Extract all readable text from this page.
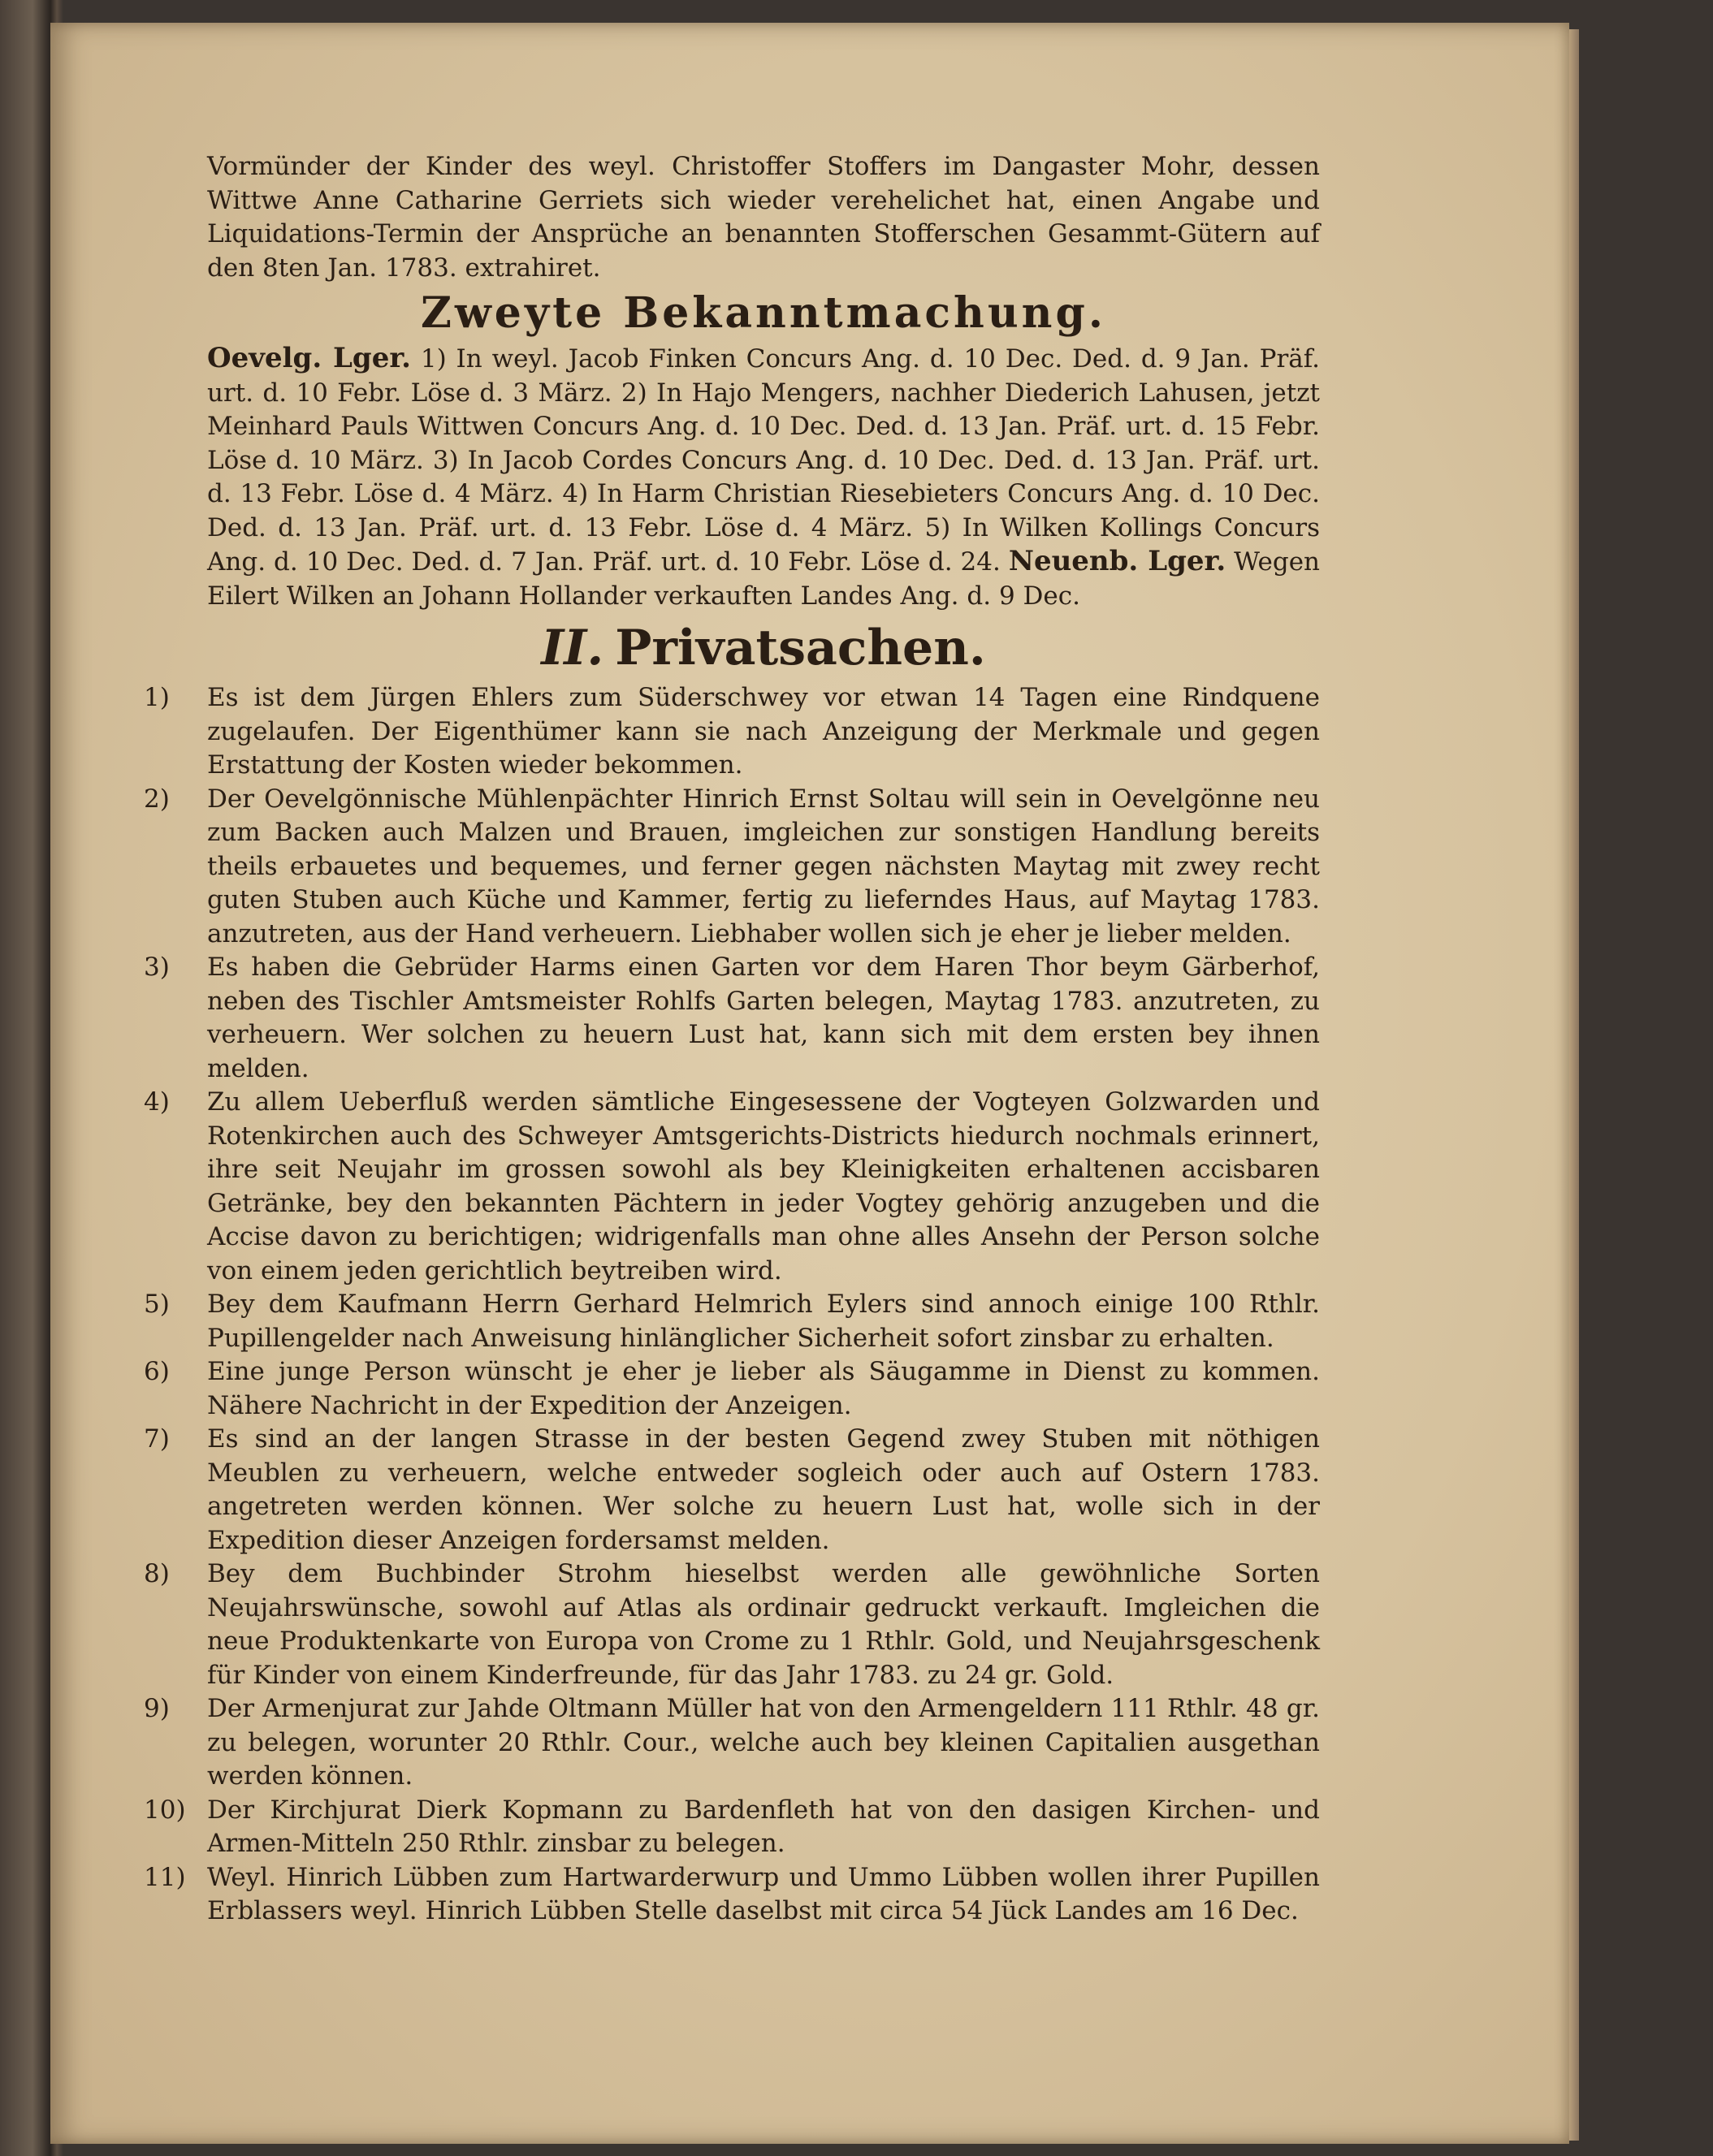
Vormünder der Kinder des weyl. Christoffer Stoffers im Dangaster Mohr, dessen Wittwe Anne Catharine Gerriets sich wieder verehelichet hat, einen Angabe und Liquidations-Termin der Ansprüche an benannten Stofferschen Gesammt-Gütern auf den 8ten Jan. 1783. extrahiret.

Zweyte Bekanntmachung.

Oevelg. Lger. 1) In weyl. Jacob Finken Concurs Ang. d. 10 Dec. Ded. d. 9 Jan. Präf. urt. d. 10 Febr. Löse d. 3 März. 2) In Hajo Mengers, nachher Diederich Lahusen, jetzt Meinhard Pauls Wittwen Concurs Ang. d. 10 Dec. Ded. d. 13 Jan. Präf. urt. d. 15 Febr. Löse d. 10 März. 3) In Jacob Cordes Concurs Ang. d. 10 Dec. Ded. d. 13 Jan. Präf. urt. d. 13 Febr. Löse d. 4 März. 4) In Harm Christian Riesebieters Concurs Ang. d. 10 Dec. Ded. d. 13 Jan. Präf. urt. d. 13 Febr. Löse d. 4 März. 5) In Wilken Kollings Concurs Ang. d. 10 Dec. Ded. d. 7 Jan. Präf. urt. d. 10 Febr. Löse d. 24. Neuenb. Lger. Wegen Eilert Wilken an Johann Hollander verkauften Landes Ang. d. 9 Dec.

II. Privatsachen.

1)	Es ist dem Jürgen Ehlers zum Süderschwey vor etwan 14 Tagen eine Rindquene zugelaufen. Der Eigenthümer kann sie nach Anzeigung der Merkmale und gegen Erstattung der Kosten wieder bekommen.

2)	Der Oevelgönnische Mühlenpächter Hinrich Ernst Soltau will sein in Oevelgönne neu zum Backen auch Malzen und Brauen, imgleichen zur sonstigen Handlung bereits theils erbauetes und bequemes, und ferner gegen nächsten Maytag mit zwey recht guten Stuben auch Küche und Kammer, fertig zu lieferndes Haus, auf Maytag 1783. anzutreten, aus der Hand verheuern. Liebhaber wollen sich je eher je lieber melden.

3)	Es haben die Gebrüder Harms einen Garten vor dem Haren Thor beym Gärberhof, neben des Tischler Amtsmeister Rohlfs Garten belegen, Maytag 1783. anzutreten, zu verheuern. Wer solchen zu heuern Lust hat, kann sich mit dem ersten bey ihnen melden.

4)	Zu allem Ueberfluß werden sämtliche Eingesessene der Vogteyen Golzwarden und Rotenkirchen auch des Schweyer Amtsgerichts-Districts hiedurch nochmals erinnert, ihre seit Neujahr im grossen sowohl als bey Kleinigkeiten erhaltenen accisbaren Getränke, bey den bekannten Pächtern in jeder Vogtey gehörig anzugeben und die Accise davon zu berichtigen; widrigenfalls man ohne alles Ansehn der Person solche von einem jeden gerichtlich beytreiben wird.

5)	Bey dem Kaufmann Herrn Gerhard Helmrich Eylers sind annoch einige 100 Rthlr. Pupillengelder nach Anweisung hinlänglicher Sicherheit sofort zinsbar zu erhalten.

6)	Eine junge Person wünscht je eher je lieber als Säugamme in Dienst zu kommen. Nähere Nachricht in der Expedition der Anzeigen.

7)	Es sind an der langen Strasse in der besten Gegend zwey Stuben mit nöthigen Meublen zu verheuern, welche entweder sogleich oder auch auf Ostern 1783. angetreten werden können. Wer solche zu heuern Lust hat, wolle sich in der Expedition dieser Anzeigen fordersamst melden.

8)	Bey dem Buchbinder Strohm hieselbst werden alle gewöhnliche Sorten Neujahrswünsche, sowohl auf Atlas als ordinair gedruckt verkauft. Imgleichen die neue Produktenkarte von Europa von Crome zu 1 Rthlr. Gold, und Neujahrsgeschenk für Kinder von einem Kinderfreunde, für das Jahr 1783. zu 24 gr. Gold.

9)	Der Armenjurat zur Jahde Oltmann Müller hat von den Armengeldern 111 Rthlr. 48 gr. zu belegen, worunter 20 Rthlr. Cour., welche auch bey kleinen Capitalien ausgethan werden können.

10) Der Kirchjurat Dierk Kopmann zu Bardenfleth hat von den dasigen Kirchen- und Armen-Mitteln 250 Rthlr. zinsbar zu belegen.

11) Weyl. Hinrich Lübben zum Hartwarderwurp und Ummo Lübben wollen ihrer Pupillen Erblassers weyl. Hinrich Lübben Stelle daselbst mit circa 54 Jück Landes am 16 Dec.
